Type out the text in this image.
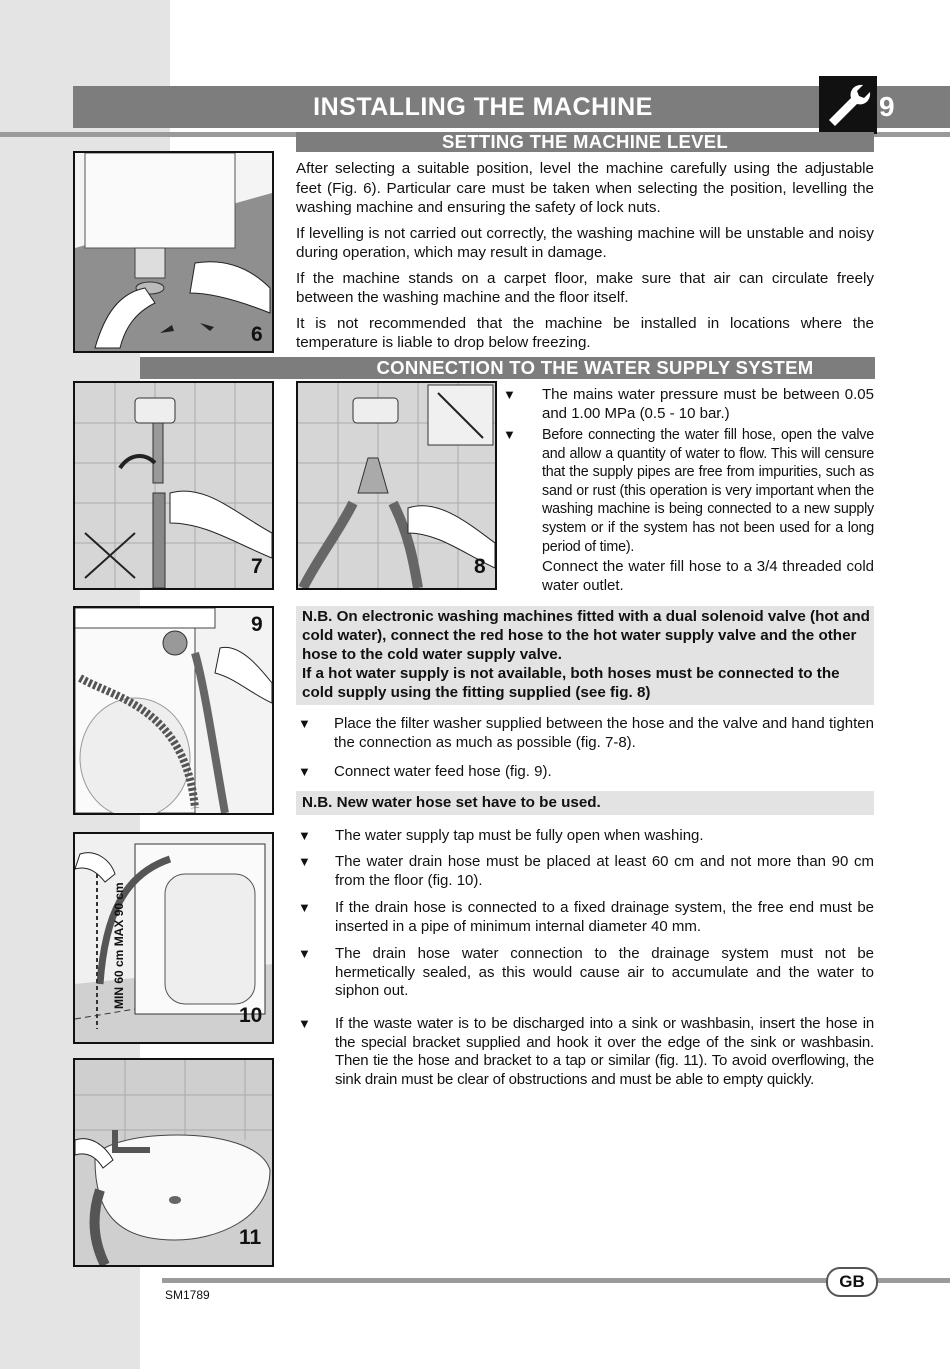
INSTALLING THE MACHINE	9
SETTING THE MACHINE LEVEL
6

After selecting a suitable position, level the machine carefully using the adjustable feet (Fig. 6). Particular care must be taken when selecting the position, levelling the washing machine and ensuring the safety of lock nuts.

If levelling is not carried out correctly, the washing machine will be unstable and noisy during operation, which may result in damage.

If the machine stands on a carpet floor, make sure that air can circulate freely between the washing machine and the floor itself.

It is not recommended that the machine be installed in locations where the temperature is liable to drop below freezing.

CONNECTION TO THE WATER SUPPLY SYSTEM
7	8
▼ The mains water pressure must be between 0.05 and 1.00 MPa (0.5 - 10 bar.)
▼ Before connecting the water fill hose, open the valve and allow a quantity of water to flow. This will censure that the supply pipes are free from impurities, such as sand or rust (this operation is very important when the washing machine is being connected to a new supply system or if the system has not been used for a long period of time).
Connect the water fill hose to a 3/4 threaded cold water outlet.
9	N.B. On electronic washing machines fitted with a dual solenoid valve (hot and cold water), connect the red hose to the hot water supply valve and the other hose to the cold water supply valve.
If a hot water supply is not available, both hoses must be connected to the cold supply using the fitting supplied (see fig. 8)
▼ Place the filter washer supplied between the hose and the valve and hand tighten the connection as much as possible (fig. 7-8).
▼ Connect water feed hose (fig. 9).
N.B. New water hose set have to be used.
MIN 60 cm MAX 90 cm
10
▼ The water supply tap must be fully open when washing.
▼ The water drain hose must be placed at least 60 cm and not more than 90 cm from the floor (fig. 10).
▼ If the drain hose is connected to a fixed drainage system, the free end must be inserted in a pipe of minimum internal diameter 40 mm.
▼ The drain hose water connection to the drainage system must not be hermetically sealed, as this would cause air to accumulate and the water to siphon out.
▼ If the waste water is to be discharged into a sink or washbasin, insert the hose in the special bracket supplied and hook it over the edge of the sink or washbasin. Then tie the hose and bracket to a tap or similar (fig. 11). To avoid overflowing, the sink drain must be clear of obstructions and must be able to empty quickly.
11
GB
SM1789
